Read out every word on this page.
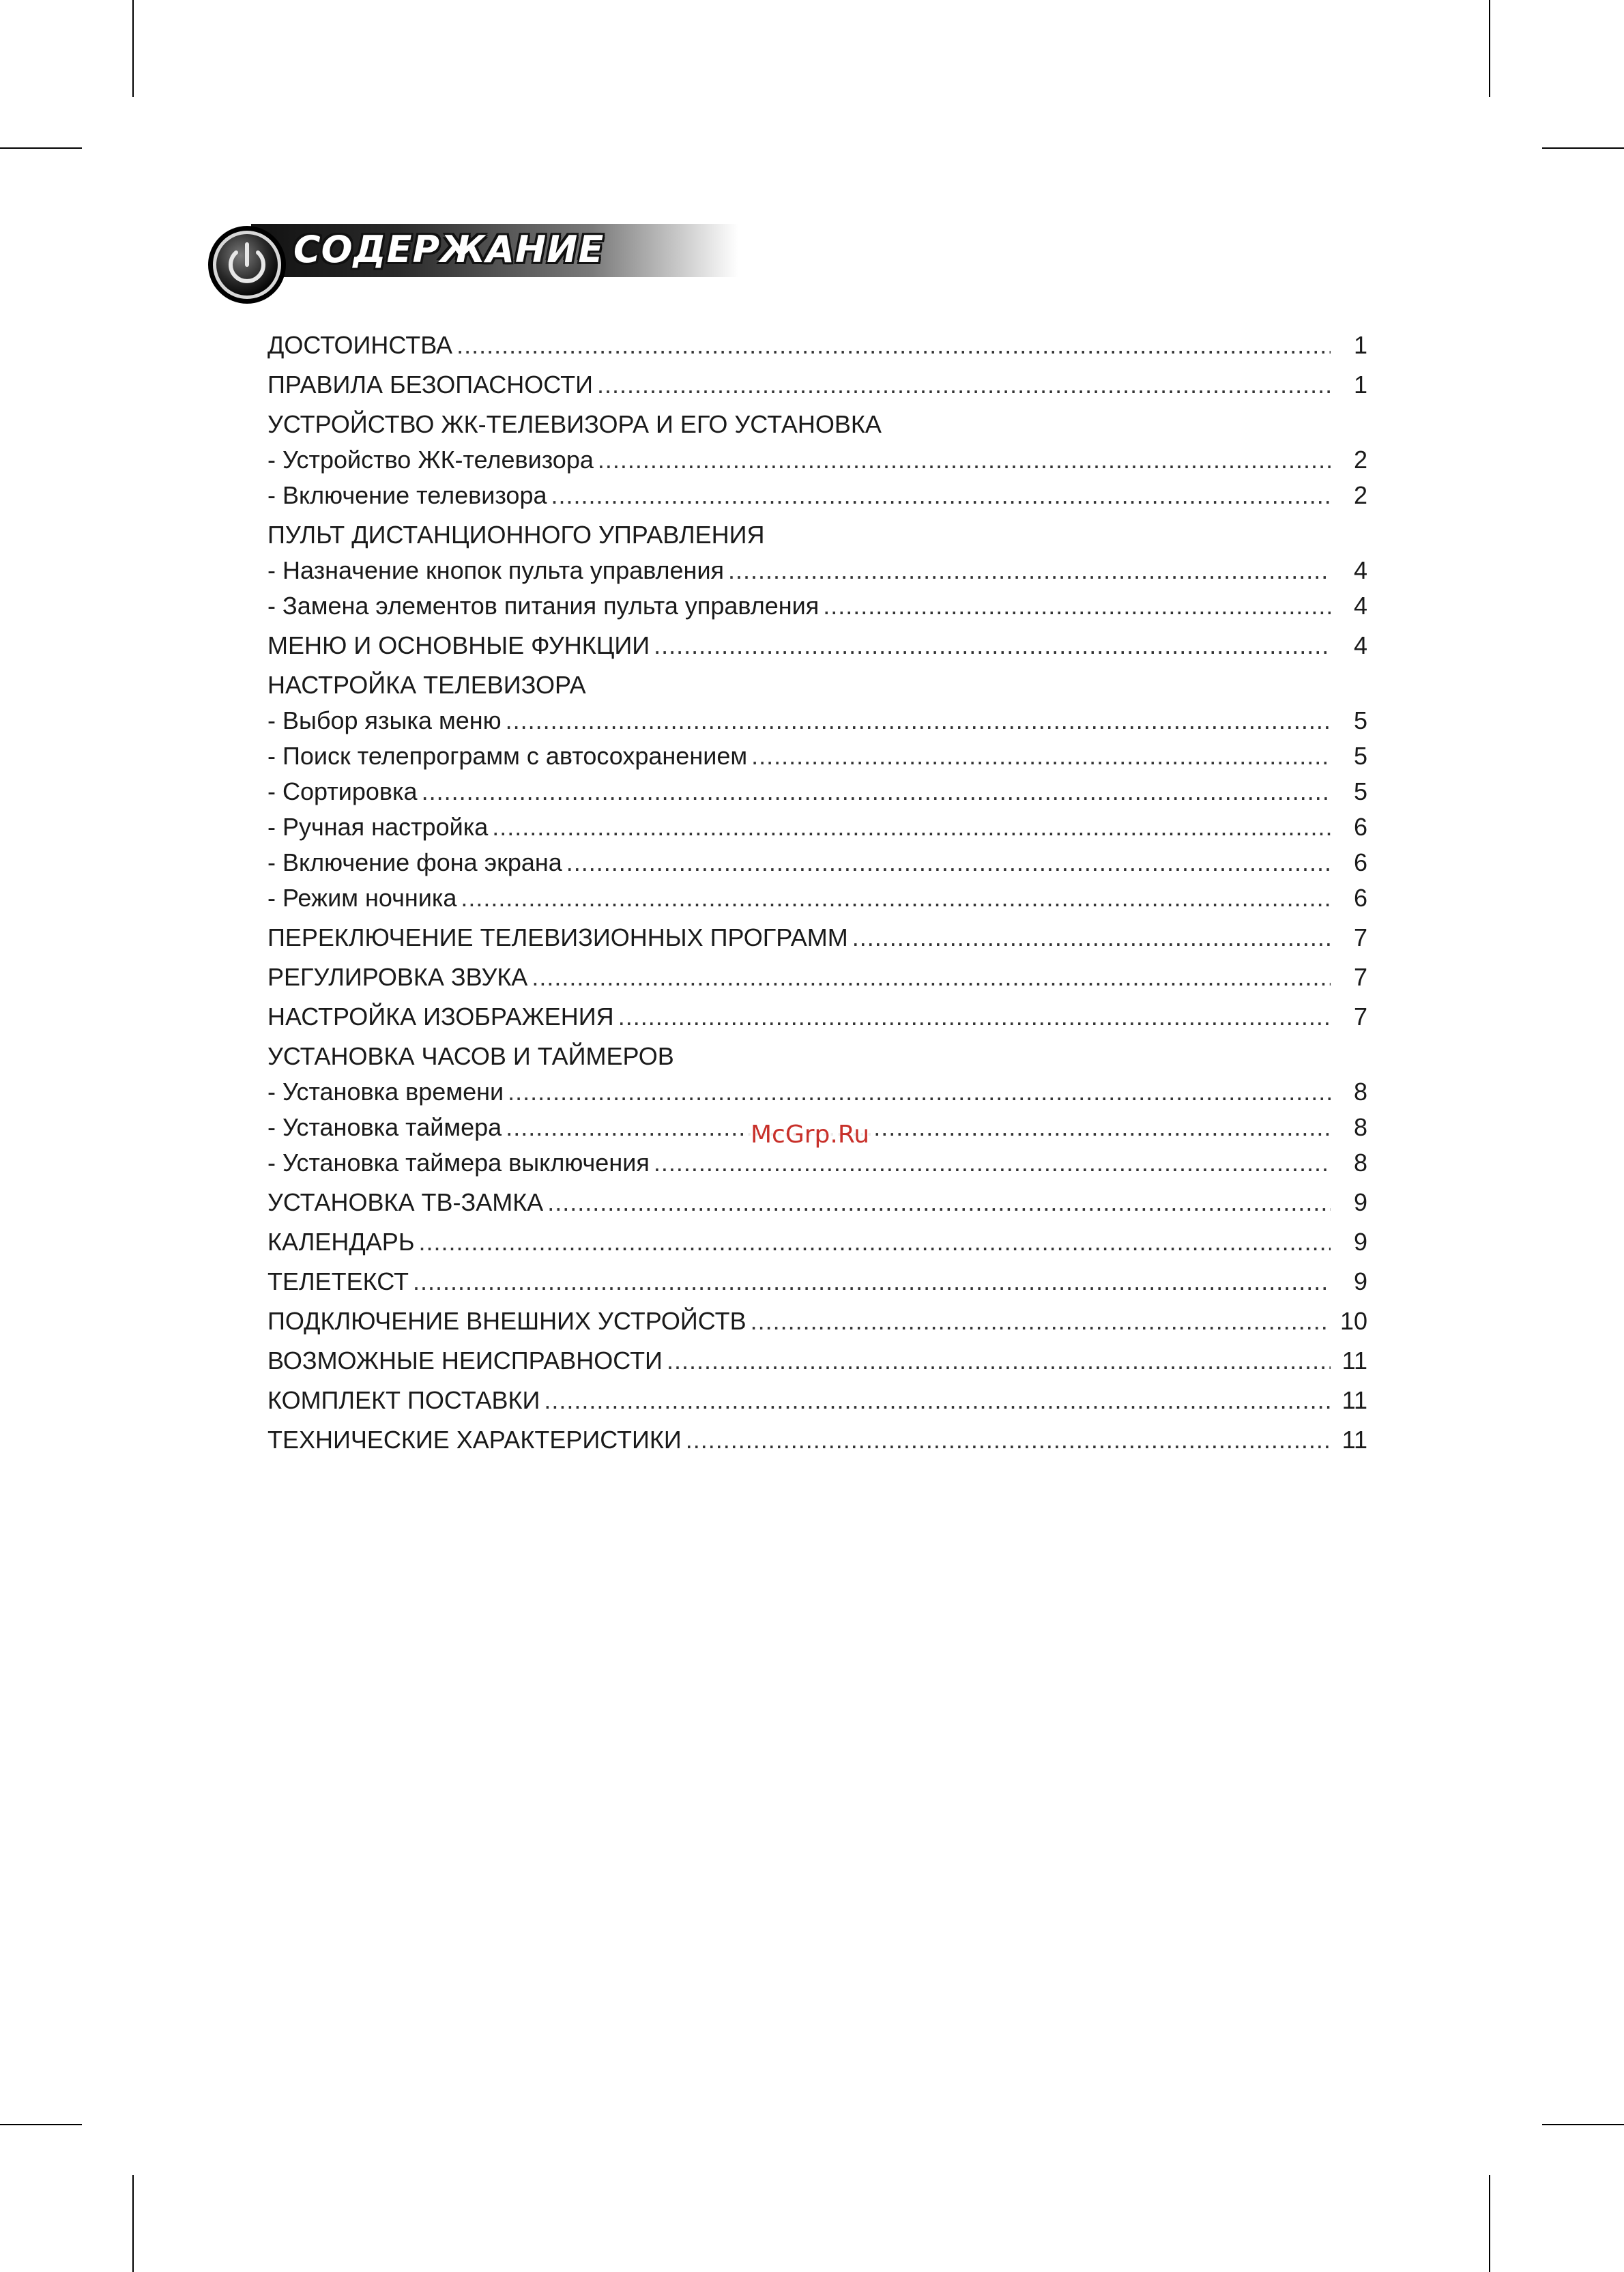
СОДЕРЖАНИЕ
ДОСТОИНСТВА .....	1
ПРАВИЛА БЕЗОПАСНОСТИ .....	1
УСТРОЙСТВО ЖК-ТЕЛЕВИЗОРА И ЕГО УСТАНОВКА
- Устройство ЖК-телевизора .....	2
- Включение телевизора .....	2
ПУЛЬТ ДИСТАНЦИОННОГО УПРАВЛЕНИЯ
- Назначение кнопок пульта управления .....	4
- Замена элементов питания пульта управления .....	4
МЕНЮ И ОСНОВНЫЕ ФУНКЦИИ .....	4
НАСТРОЙКА ТЕЛЕВИЗОРА
- Выбор языка меню .....	5
- Поиск телепрограмм с автосохранением .....	5
- Сортировка .....	5
- Ручная настройка .....	6
- Включение фона экрана .....	6
- Режим ночника .....	6
ПЕРЕКЛЮЧЕНИЕ ТЕЛЕВИЗИОННЫХ ПРОГРАММ .....	7
РЕГУЛИРОВКА ЗВУКА .....	7
НАСТРОЙКА ИЗОБРАЖЕНИЯ .....	7
УСТАНОВКА ЧАСОВ И ТАЙМЕРОВ
- Установка времени .....	8
- Установка таймера .....	8
- Установка таймера выключения .....	8
УСТАНОВКА ТВ-ЗАМКА .....	9
КАЛЕНДАРЬ .....	9
ТЕЛЕТЕКСТ .....	9
ПОДКЛЮЧЕНИЕ ВНЕШНИХ УСТРОЙСТВ .....	10
ВОЗМОЖНЫЕ НЕИСПРАВНОСТИ .....	11
КОМПЛЕКТ ПОСТАВКИ .....	11
ТЕХНИЧЕСКИЕ ХАРАКТЕРИСТИКИ .....	11
McGrp.Ru
